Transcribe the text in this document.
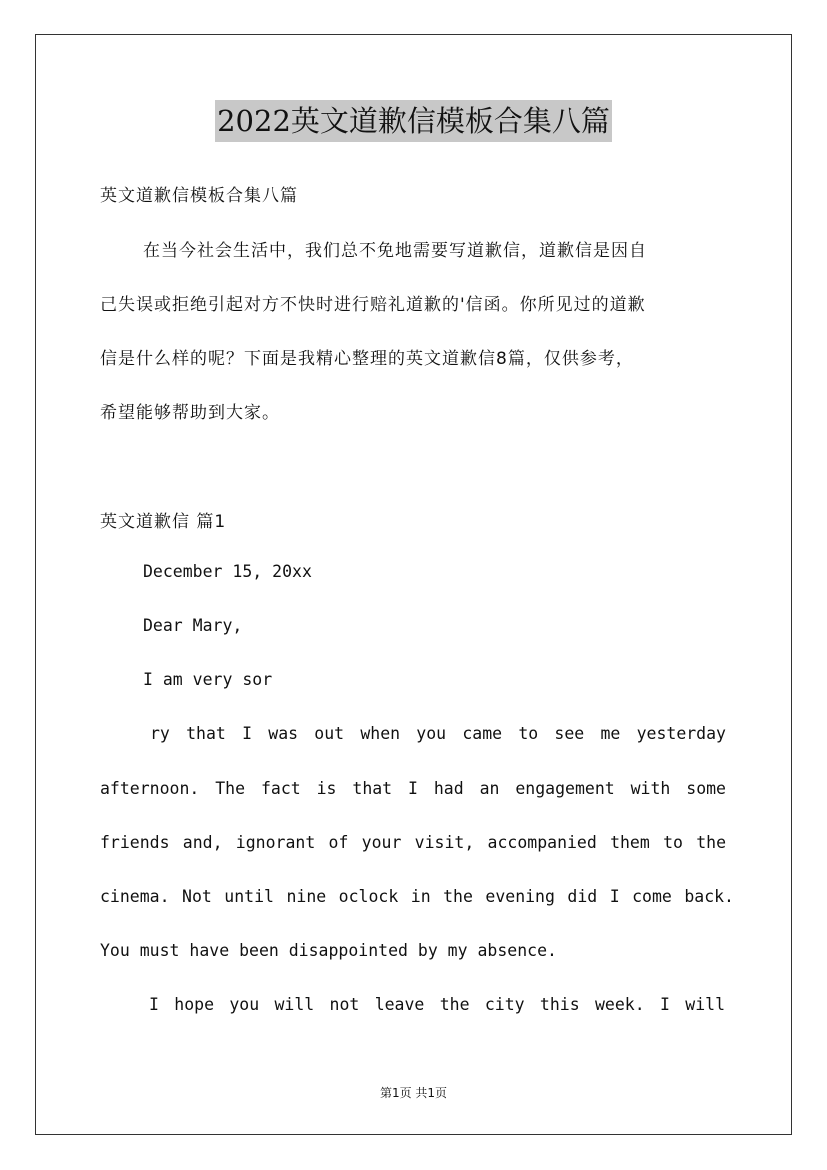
2022英文道歉信模板合集八篇
英文道歉信模板合集八篇
在当今社会生活中，我们总不免地需要写道歉信，道歉信是因自
己失误或拒绝引起对方不快时进行赔礼道歉的'信函。你所见过的道歉
信是什么样的呢？下面是我精心整理的英文道歉信8篇，仅供参考，
希望能够帮助到大家。
英文道歉信 篇1
December 15, 20xx
Dear Mary,
I am very sor
ry that I was out when you came to see me yesterday
afternoon. The fact is that I had an engagement with some
friends and, ignorant of your visit, accompanied them to the
cinema. Not until nine oclock in the evening did I come back.
You must have been disappointed by my absence.
I hope you will not leave the city this week. I will
第1页 共1页
